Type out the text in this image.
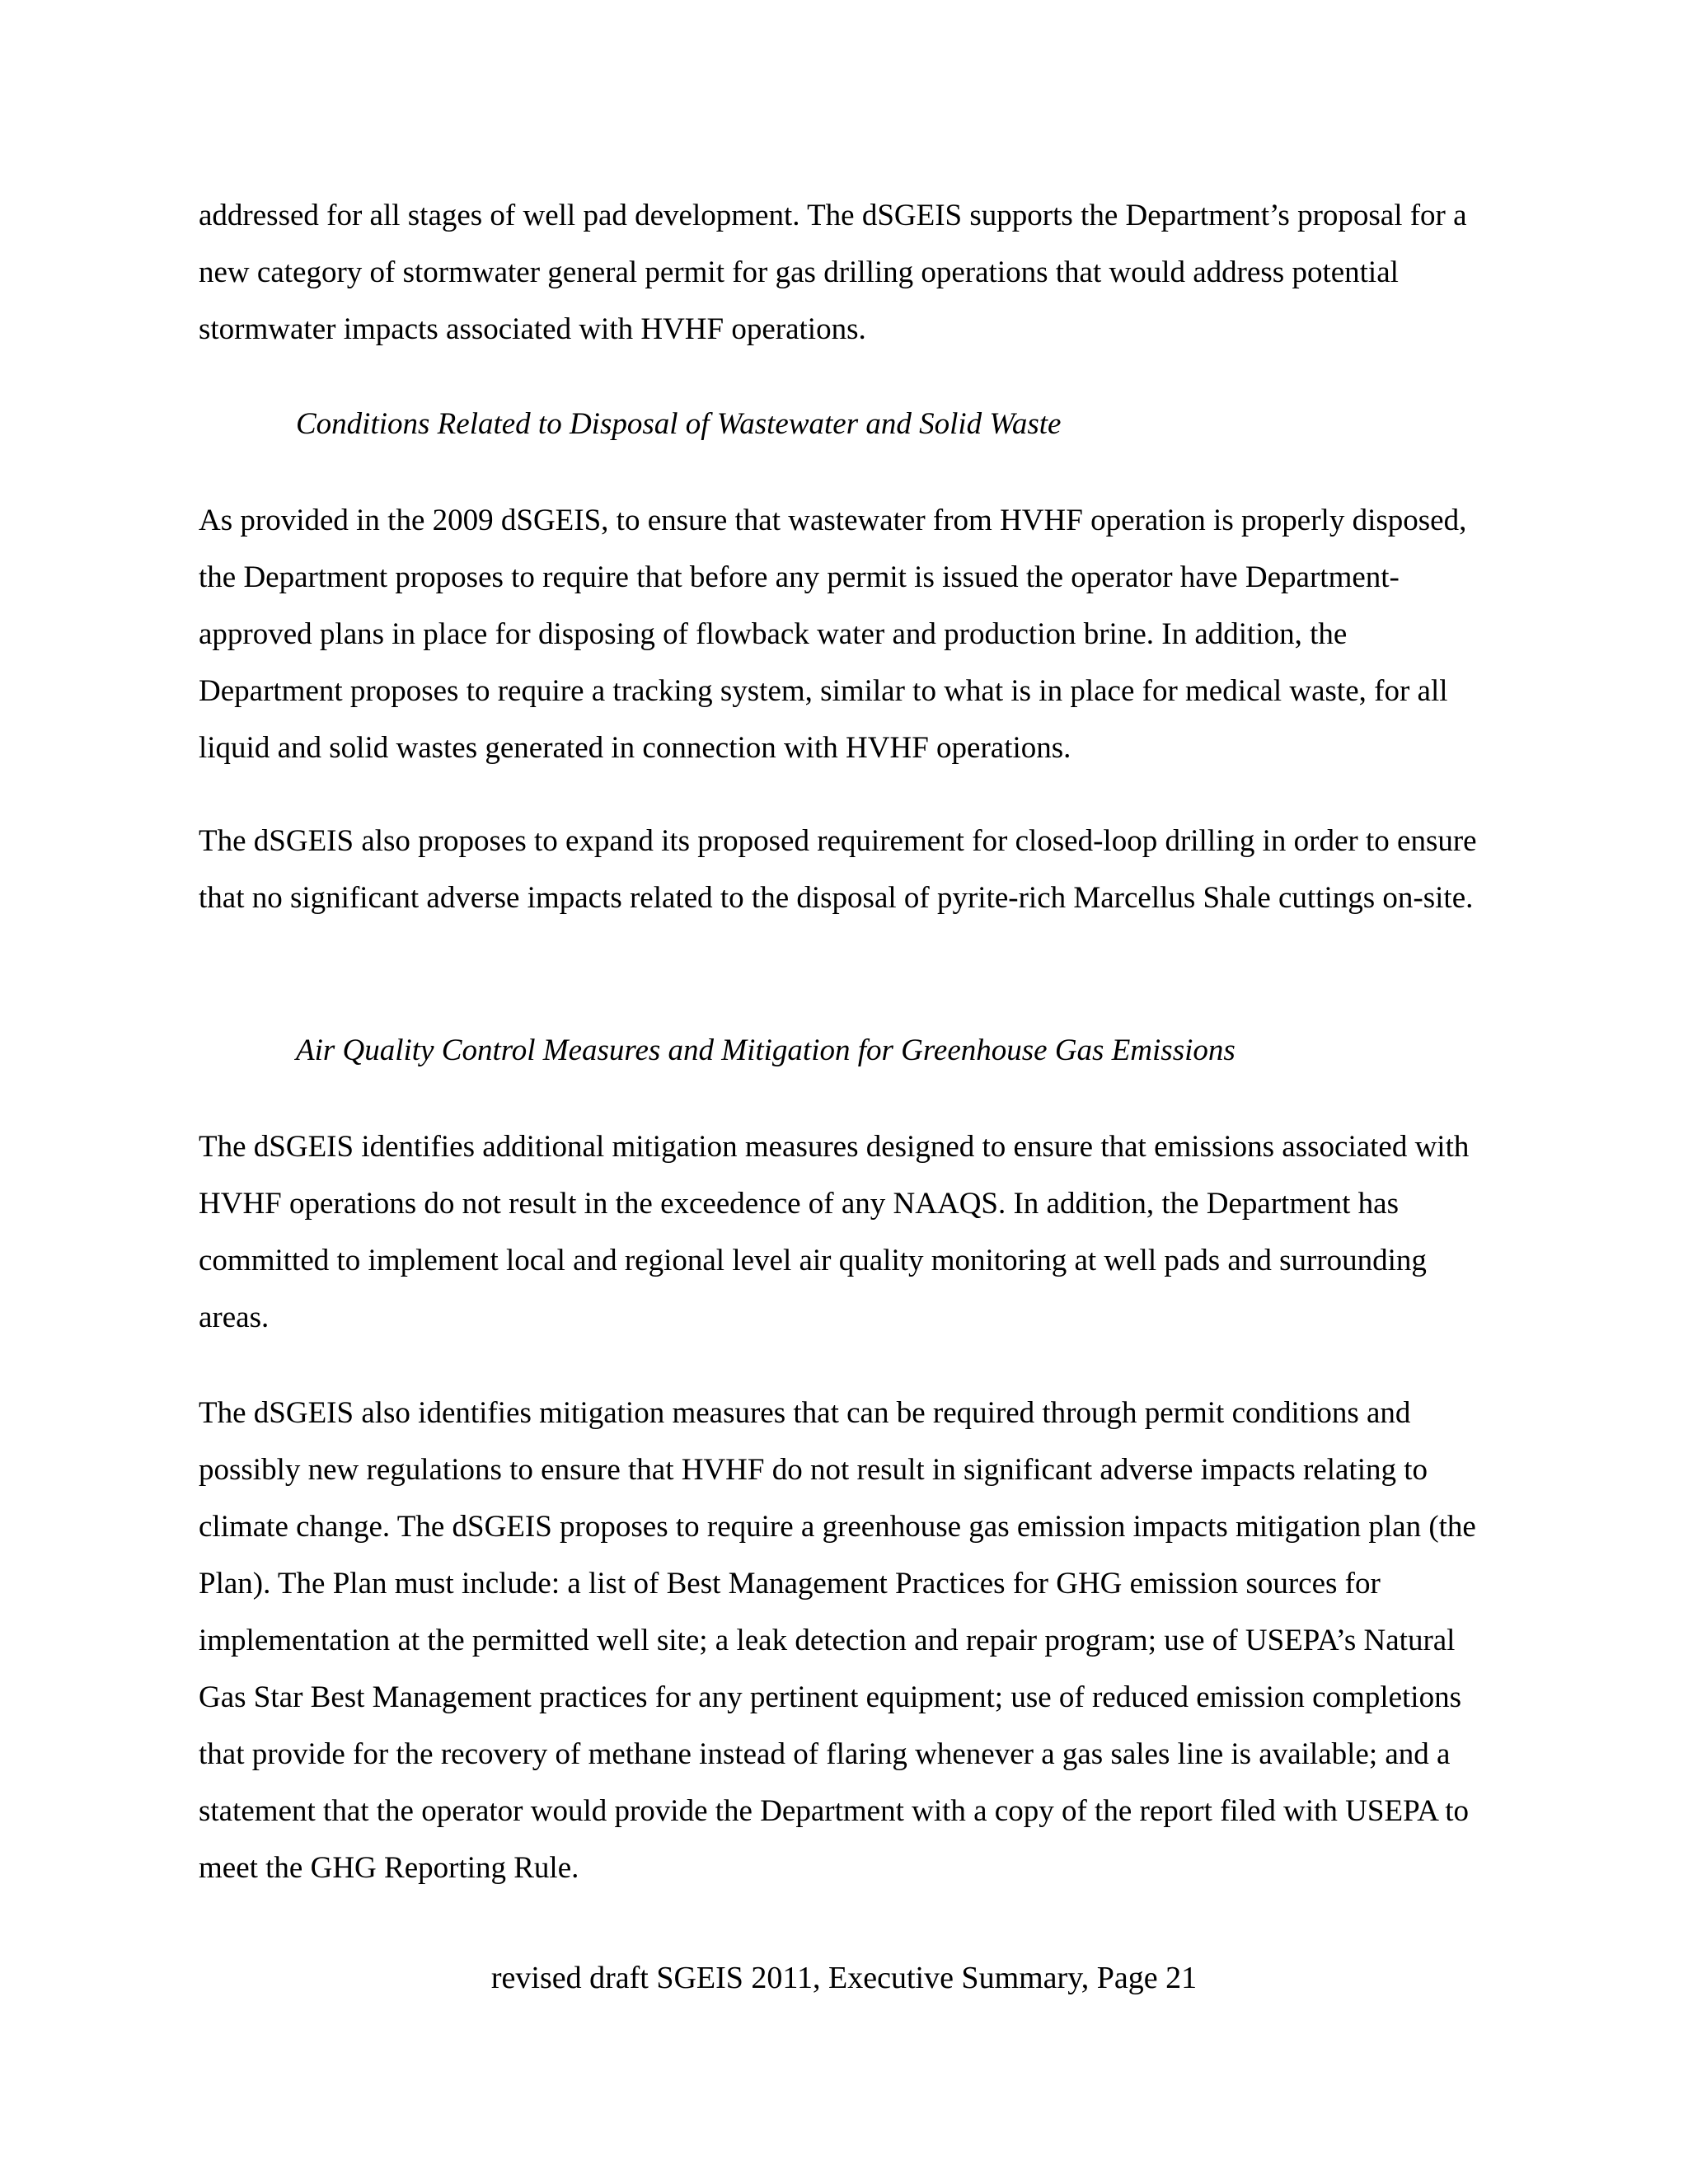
addressed for all stages of well pad development. The dSGEIS supports the Department’s proposal for a new category of stormwater general permit for gas drilling operations that would address potential stormwater impacts associated with HVHF operations.

Conditions Related to Disposal of Wastewater and Solid Waste

As provided in the 2009 dSGEIS, to ensure that wastewater from HVHF operation is properly disposed, the Department proposes to require that before any permit is issued the operator have Department-approved plans in place for disposing of flowback water and production brine. In addition, the Department proposes to require a tracking system, similar to what is in place for medical waste, for all liquid and solid wastes generated in connection with HVHF operations.

The dSGEIS also proposes to expand its proposed requirement for closed-loop drilling in order to ensure that no significant adverse impacts related to the disposal of pyrite-rich Marcellus Shale cuttings on-site.

Air Quality Control Measures and Mitigation for Greenhouse Gas Emissions

The dSGEIS identifies additional mitigation measures designed to ensure that emissions associated with HVHF operations do not result in the exceedence of any NAAQS. In addition, the Department has committed to implement local and regional level air quality monitoring at well pads and surrounding areas.

The dSGEIS also identifies mitigation measures that can be required through permit conditions and possibly new regulations to ensure that HVHF do not result in significant adverse impacts relating to climate change. The dSGEIS proposes to require a greenhouse gas emission impacts mitigation plan (the Plan). The Plan must include: a list of Best Management Practices for GHG emission sources for implementation at the permitted well site; a leak detection and repair program; use of USEPA’s Natural Gas Star Best Management practices for any pertinent equipment; use of reduced emission completions that provide for the recovery of methane instead of flaring whenever a gas sales line is available; and a statement that the operator would provide the Department with a copy of the report filed with USEPA to meet the GHG Reporting Rule.

revised draft SGEIS 2011, Executive Summary, Page 21
